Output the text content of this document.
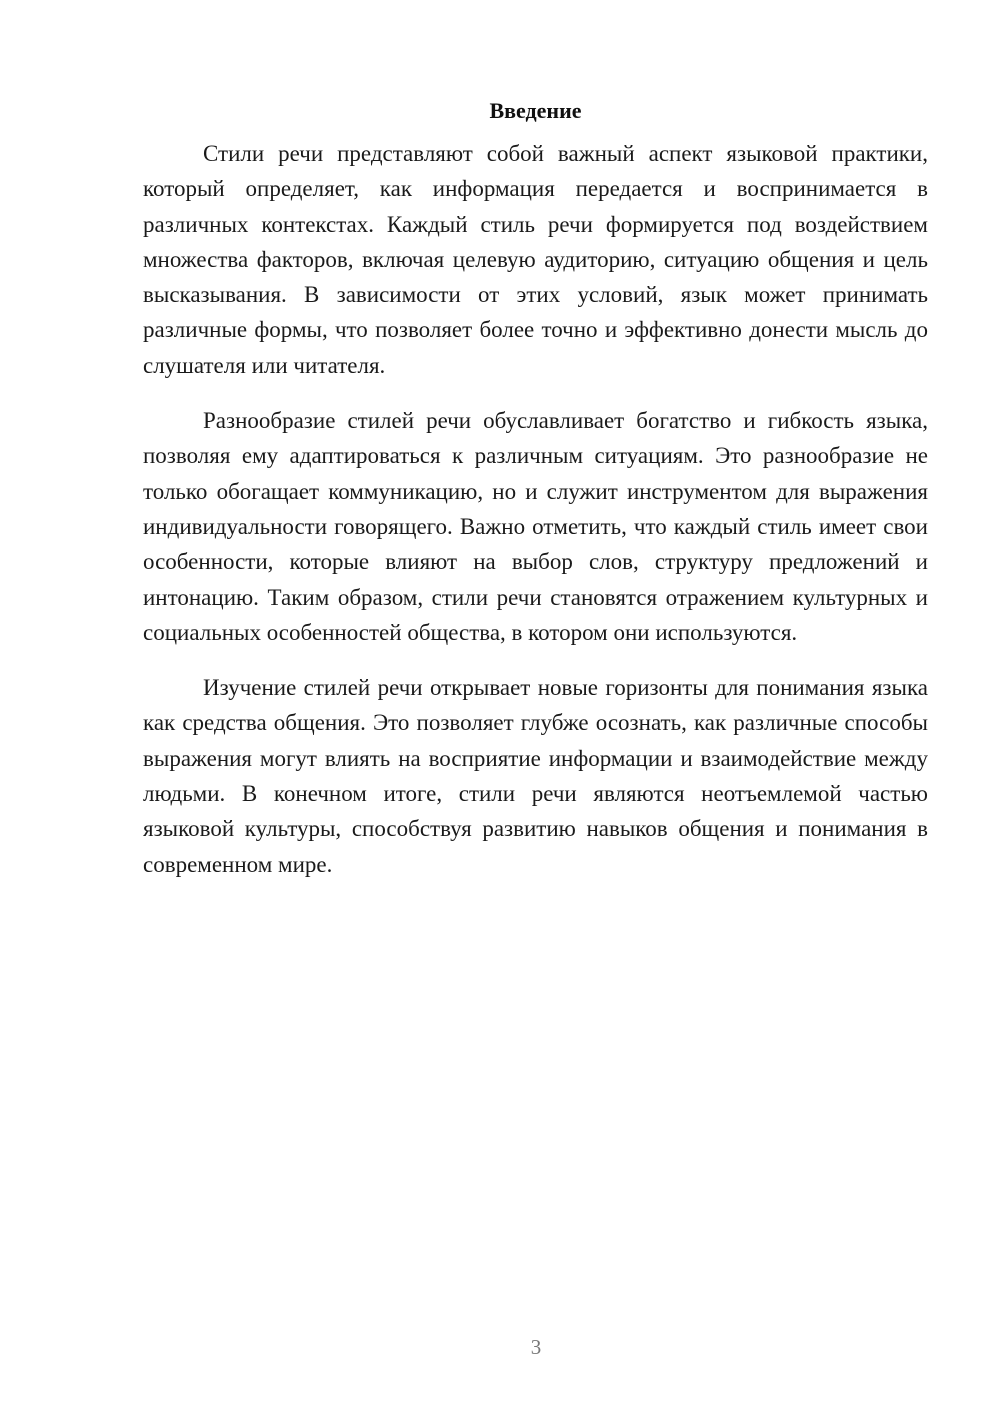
Введение

Стили речи представляют собой важный аспект языковой практики, который определяет, как информация передается и воспринимается в различных контекстах. Каждый стиль речи формируется под воздействием множества факторов, включая целевую аудиторию, ситуацию общения и цель высказывания. В зависимости от этих условий, язык может принимать различные формы, что позволяет более точно и эффективно донести мысль до слушателя или читателя.

Разнообразие стилей речи обуславливает богатство и гибкость языка, позволяя ему адаптироваться к различным ситуациям. Это разнообразие не только обогащает коммуникацию, но и служит инструментом для выражения индивидуальности говорящего. Важно отметить, что каждый стиль имеет свои особенности, которые влияют на выбор слов, структуру предложений и интонацию. Таким образом, стили речи становятся отражением культурных и социальных особенностей общества, в котором они используются.

Изучение стилей речи открывает новые горизонты для понимания языка как средства общения. Это позволяет глубже осознать, как различные способы выражения могут влиять на восприятие информации и взаимодействие между людьми. В конечном итоге, стили речи являются неотъемлемой частью языковой культуры, способствуя развитию навыков общения и понимания в современном мире.

3
